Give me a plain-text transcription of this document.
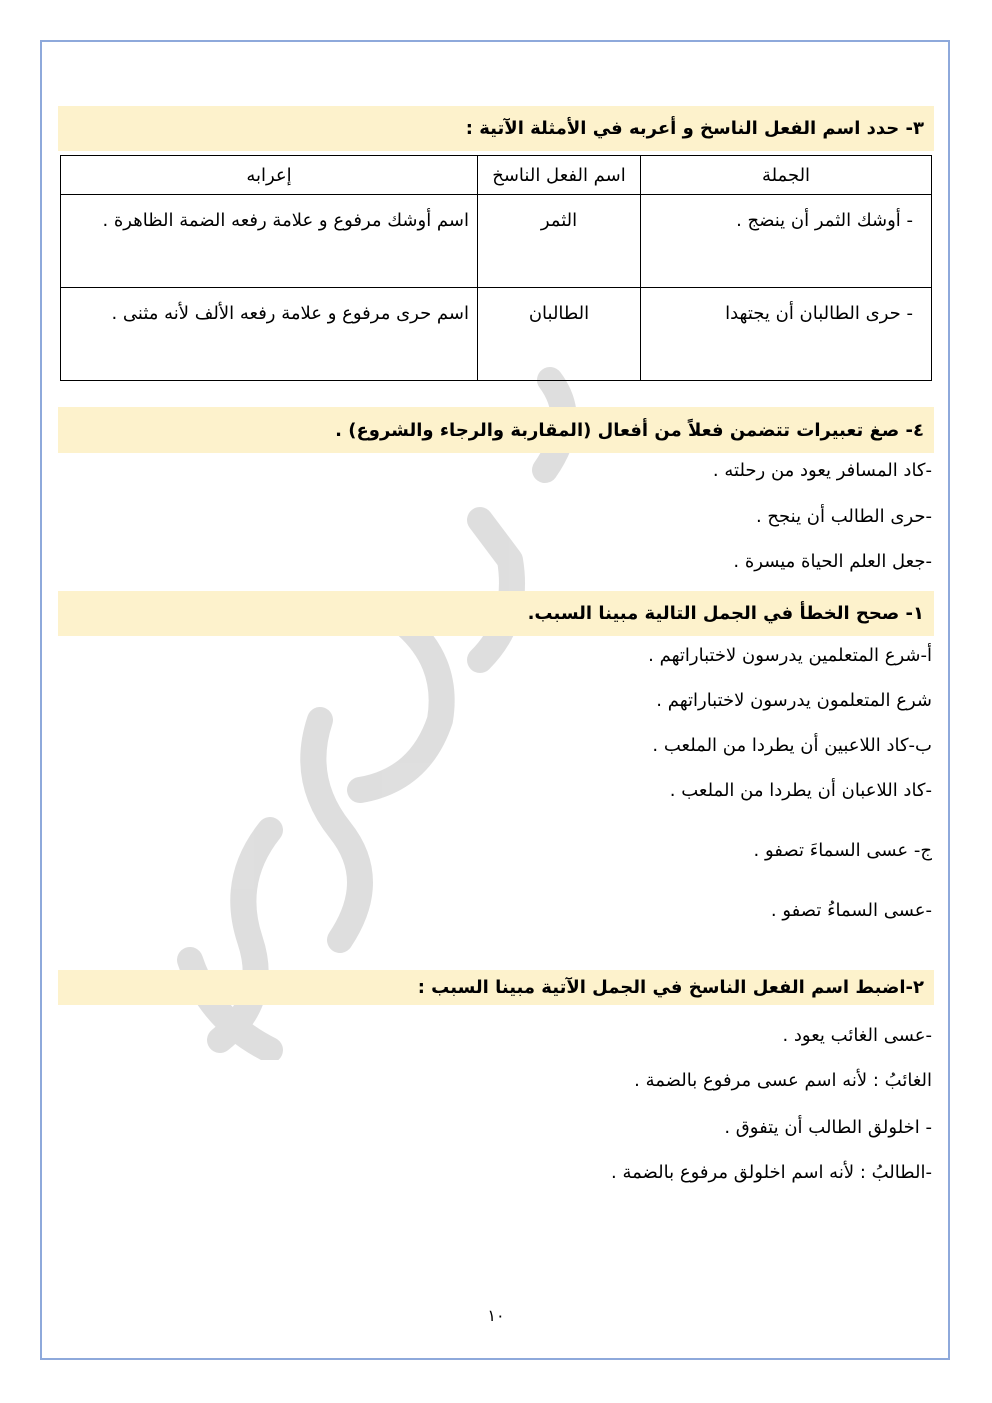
٣- حدد اسم الفعل الناسخ و أعربه في الأمثلة الآتية :
الجملة	اسم الفعل الناسخ	إعرابه
- أوشك الثمر أن ينضج .	الثمر	اسم أوشك مرفوع و علامة رفعه الضمة الظاهرة .
- حرى الطالبان أن يجتهدا	الطالبان	اسم حرى مرفوع و علامة رفعه الألف لأنه مثنى .
٤- صغ تعبيرات تتضمن فعلاً من أفعال (المقاربة والرجاء والشروع) .
-كاد المسافر يعود من رحلته .
-حرى الطالب أن ينجح .
-جعل العلم الحياة ميسرة .
١- صحح الخطأ في الجمل التالية مبينا السبب.
أ-شرع المتعلمين يدرسون لاختباراتهم .
شرع المتعلمون يدرسون لاختباراتهم .
ب-كاد اللاعبين أن يطردا من الملعب .
-كاد اللاعبان أن يطردا من الملعب .
ج- عسى السماءَ تصفو .
-عسى السماءُ تصفو .
٢-اضبط اسم الفعل الناسخ في الجمل الآتية مبينا السبب :
-عسى الغائب يعود .
الغائبُ : لأنه اسم عسى مرفوع بالضمة .
- اخلولق الطالب أن يتفوق .
-الطالبُ : لأنه اسم اخلولق مرفوع بالضمة .
١٠
